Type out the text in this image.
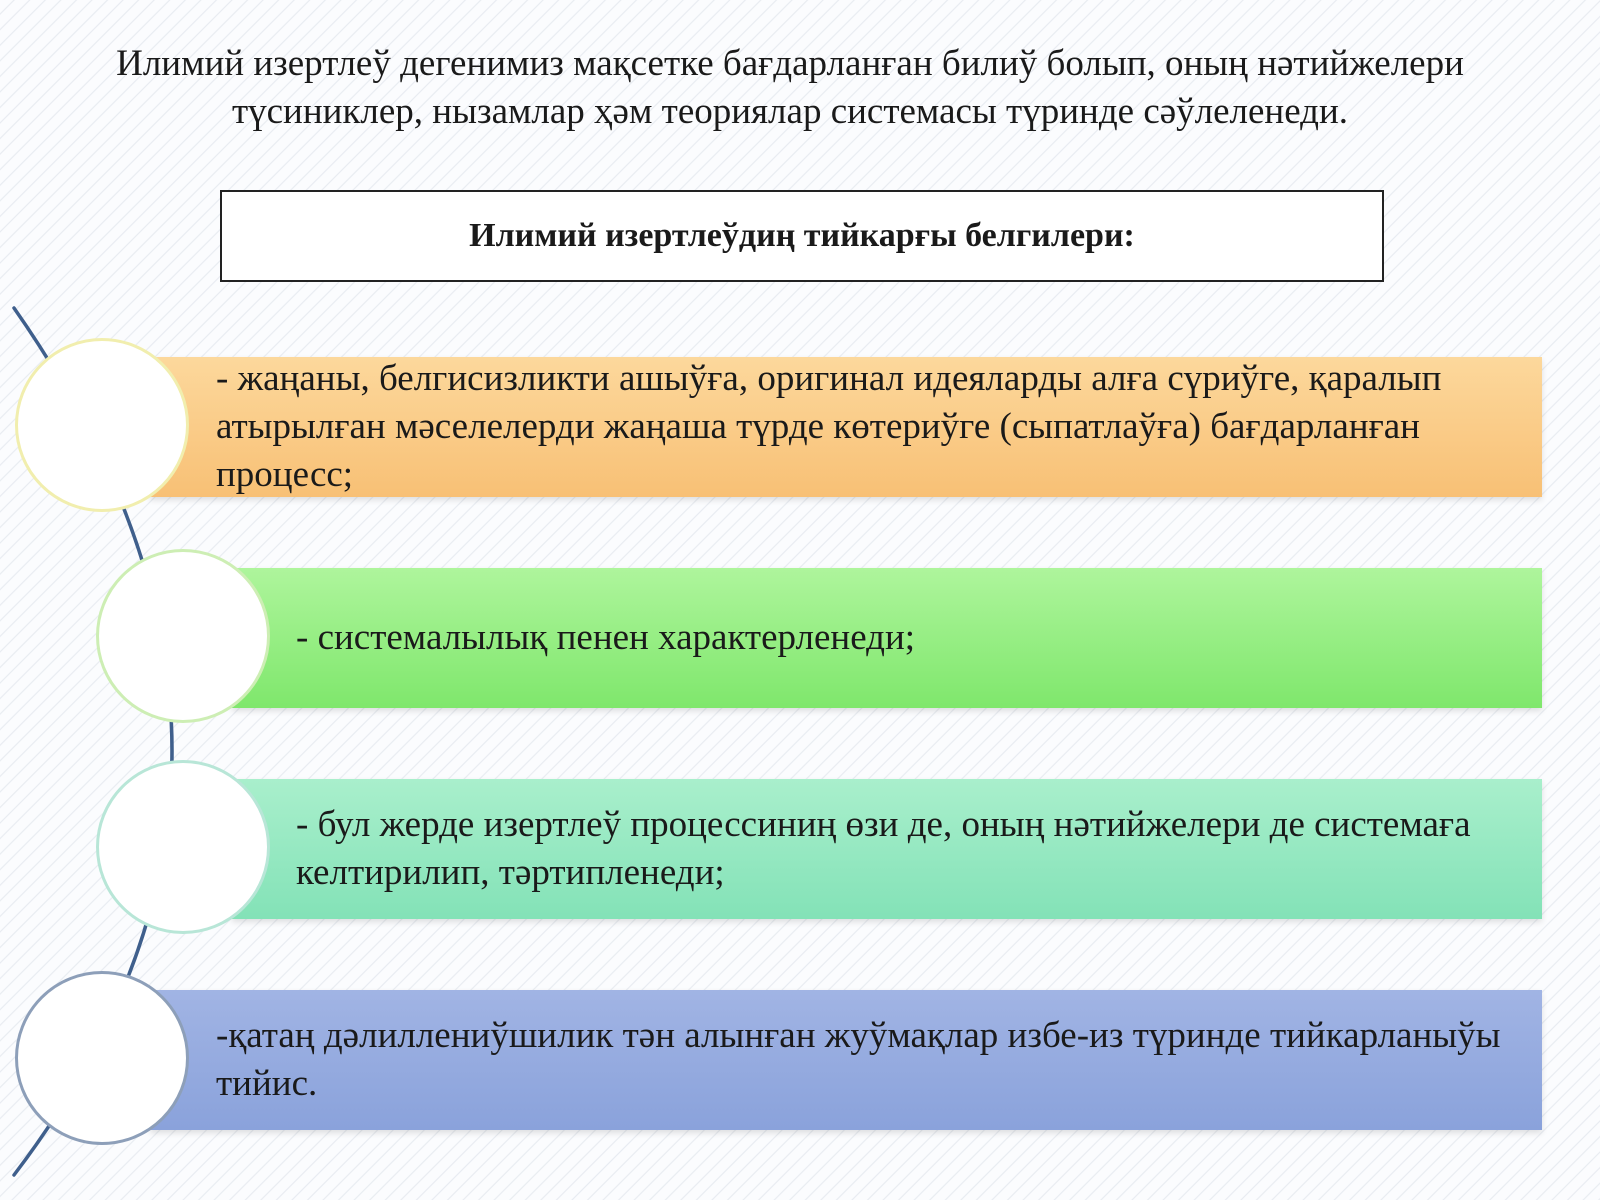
Илимий изертлеў дегенимиз мақсетке бағдарланған билиў болып, оның нәтийжелери түсиниклер, нызамлар ҳәм теориялар системасы түринде сәўлеленеди.

Илимий изертлеўдиң тийкарғы белгилери:
- жаңаны, белгисизликти ашыўға, оригинал идеяларды алға сүриўге, қаралып атырылған мәселелерди жаңаша түрде көтериўге (сыпатлаўға) бағдарланған процесс;
- системалылық пенен характерленеди;
- бул жерде изертлеў процессиниң өзи де, оның нәтийжелери де системаға келтирилип, тәртипленеди;
-қатаң дәлиллениўшилик тән алынған жуўмақлар избе-из түринде тийкарланыўы тийис.
